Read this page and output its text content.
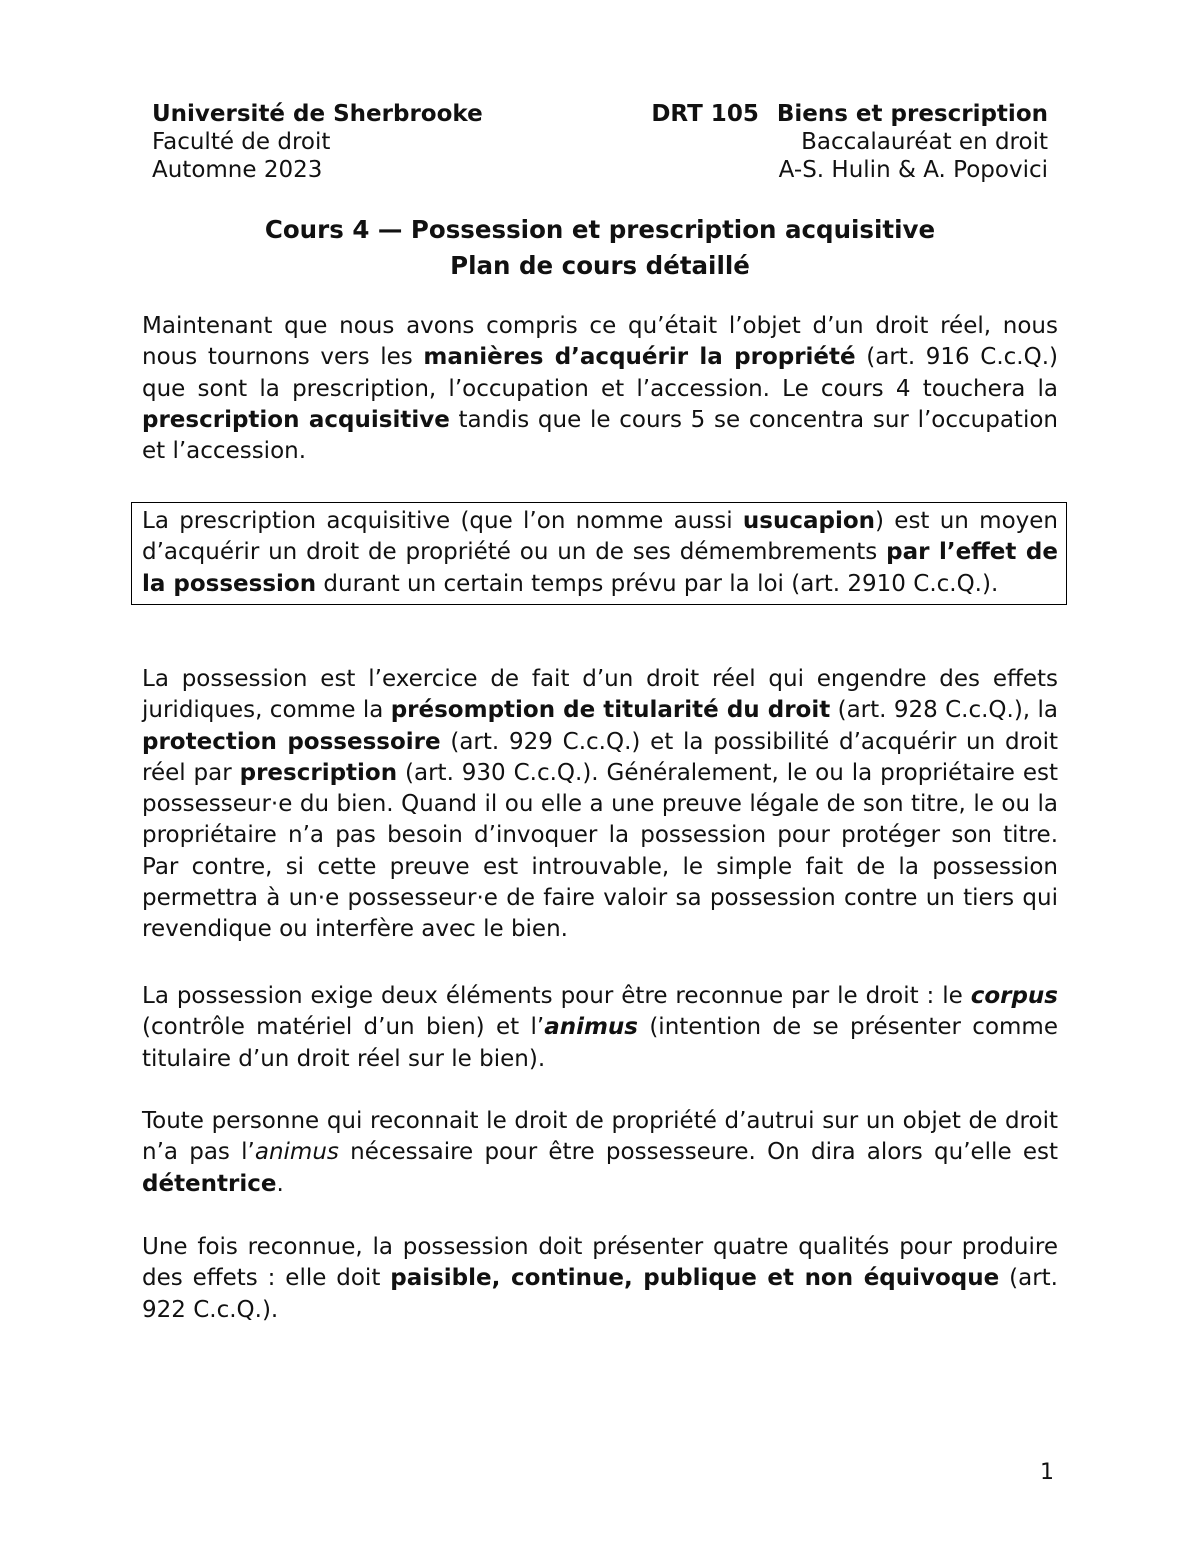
Université de Sherbrooke	DRT 105 Biens et prescription
Faculté de droit	Baccalauréat en droit
Automne 2023	A-S. Hulin & A. Popovici
Cours 4 — Possession et prescription acquisitive
Plan de cours détaillé
Maintenant que nous avons compris ce qu’était l’objet d’un droit réel, nous nous tournons vers les manières d’acquérir la propriété (art. 916 C.c.Q.) que sont la prescription, l’occupation et l’accession. Le cours 4 touchera la prescription acquisitive tandis que le cours 5 se concentra sur l’occupation et l’accession.
La prescription acquisitive (que l’on nomme aussi usucapion) est un moyen d’acquérir un droit de propriété ou un de ses démembrements par l’effet de la possession durant un certain temps prévu par la loi (art. 2910 C.c.Q.).
La possession est l’exercice de fait d’un droit réel qui engendre des effets juridiques, comme la présomption de titularité du droit (art. 928 C.c.Q.), la protection possessoire (art. 929 C.c.Q.) et la possibilité d’acquérir un droit réel par prescription (art. 930 C.c.Q.). Généralement, le ou la propriétaire est possesseur·e du bien. Quand il ou elle a une preuve légale de son titre, le ou la propriétaire n’a pas besoin d’invoquer la possession pour protéger son titre. Par contre, si cette preuve est introuvable, le simple fait de la possession permettra à un·e possesseur·e de faire valoir sa possession contre un tiers qui revendique ou interfère avec le bien.
La possession exige deux éléments pour être reconnue par le droit : le corpus (contrôle matériel d’un bien) et l’animus (intention de se présenter comme titulaire d’un droit réel sur le bien).
Toute personne qui reconnait le droit de propriété d’autrui sur un objet de droit n’a pas l’animus nécessaire pour être possesseure. On dira alors qu’elle est détentrice.
Une fois reconnue, la possession doit présenter quatre qualités pour produire des effets : elle doit paisible, continue, publique et non équivoque (art. 922 C.c.Q.).
1
